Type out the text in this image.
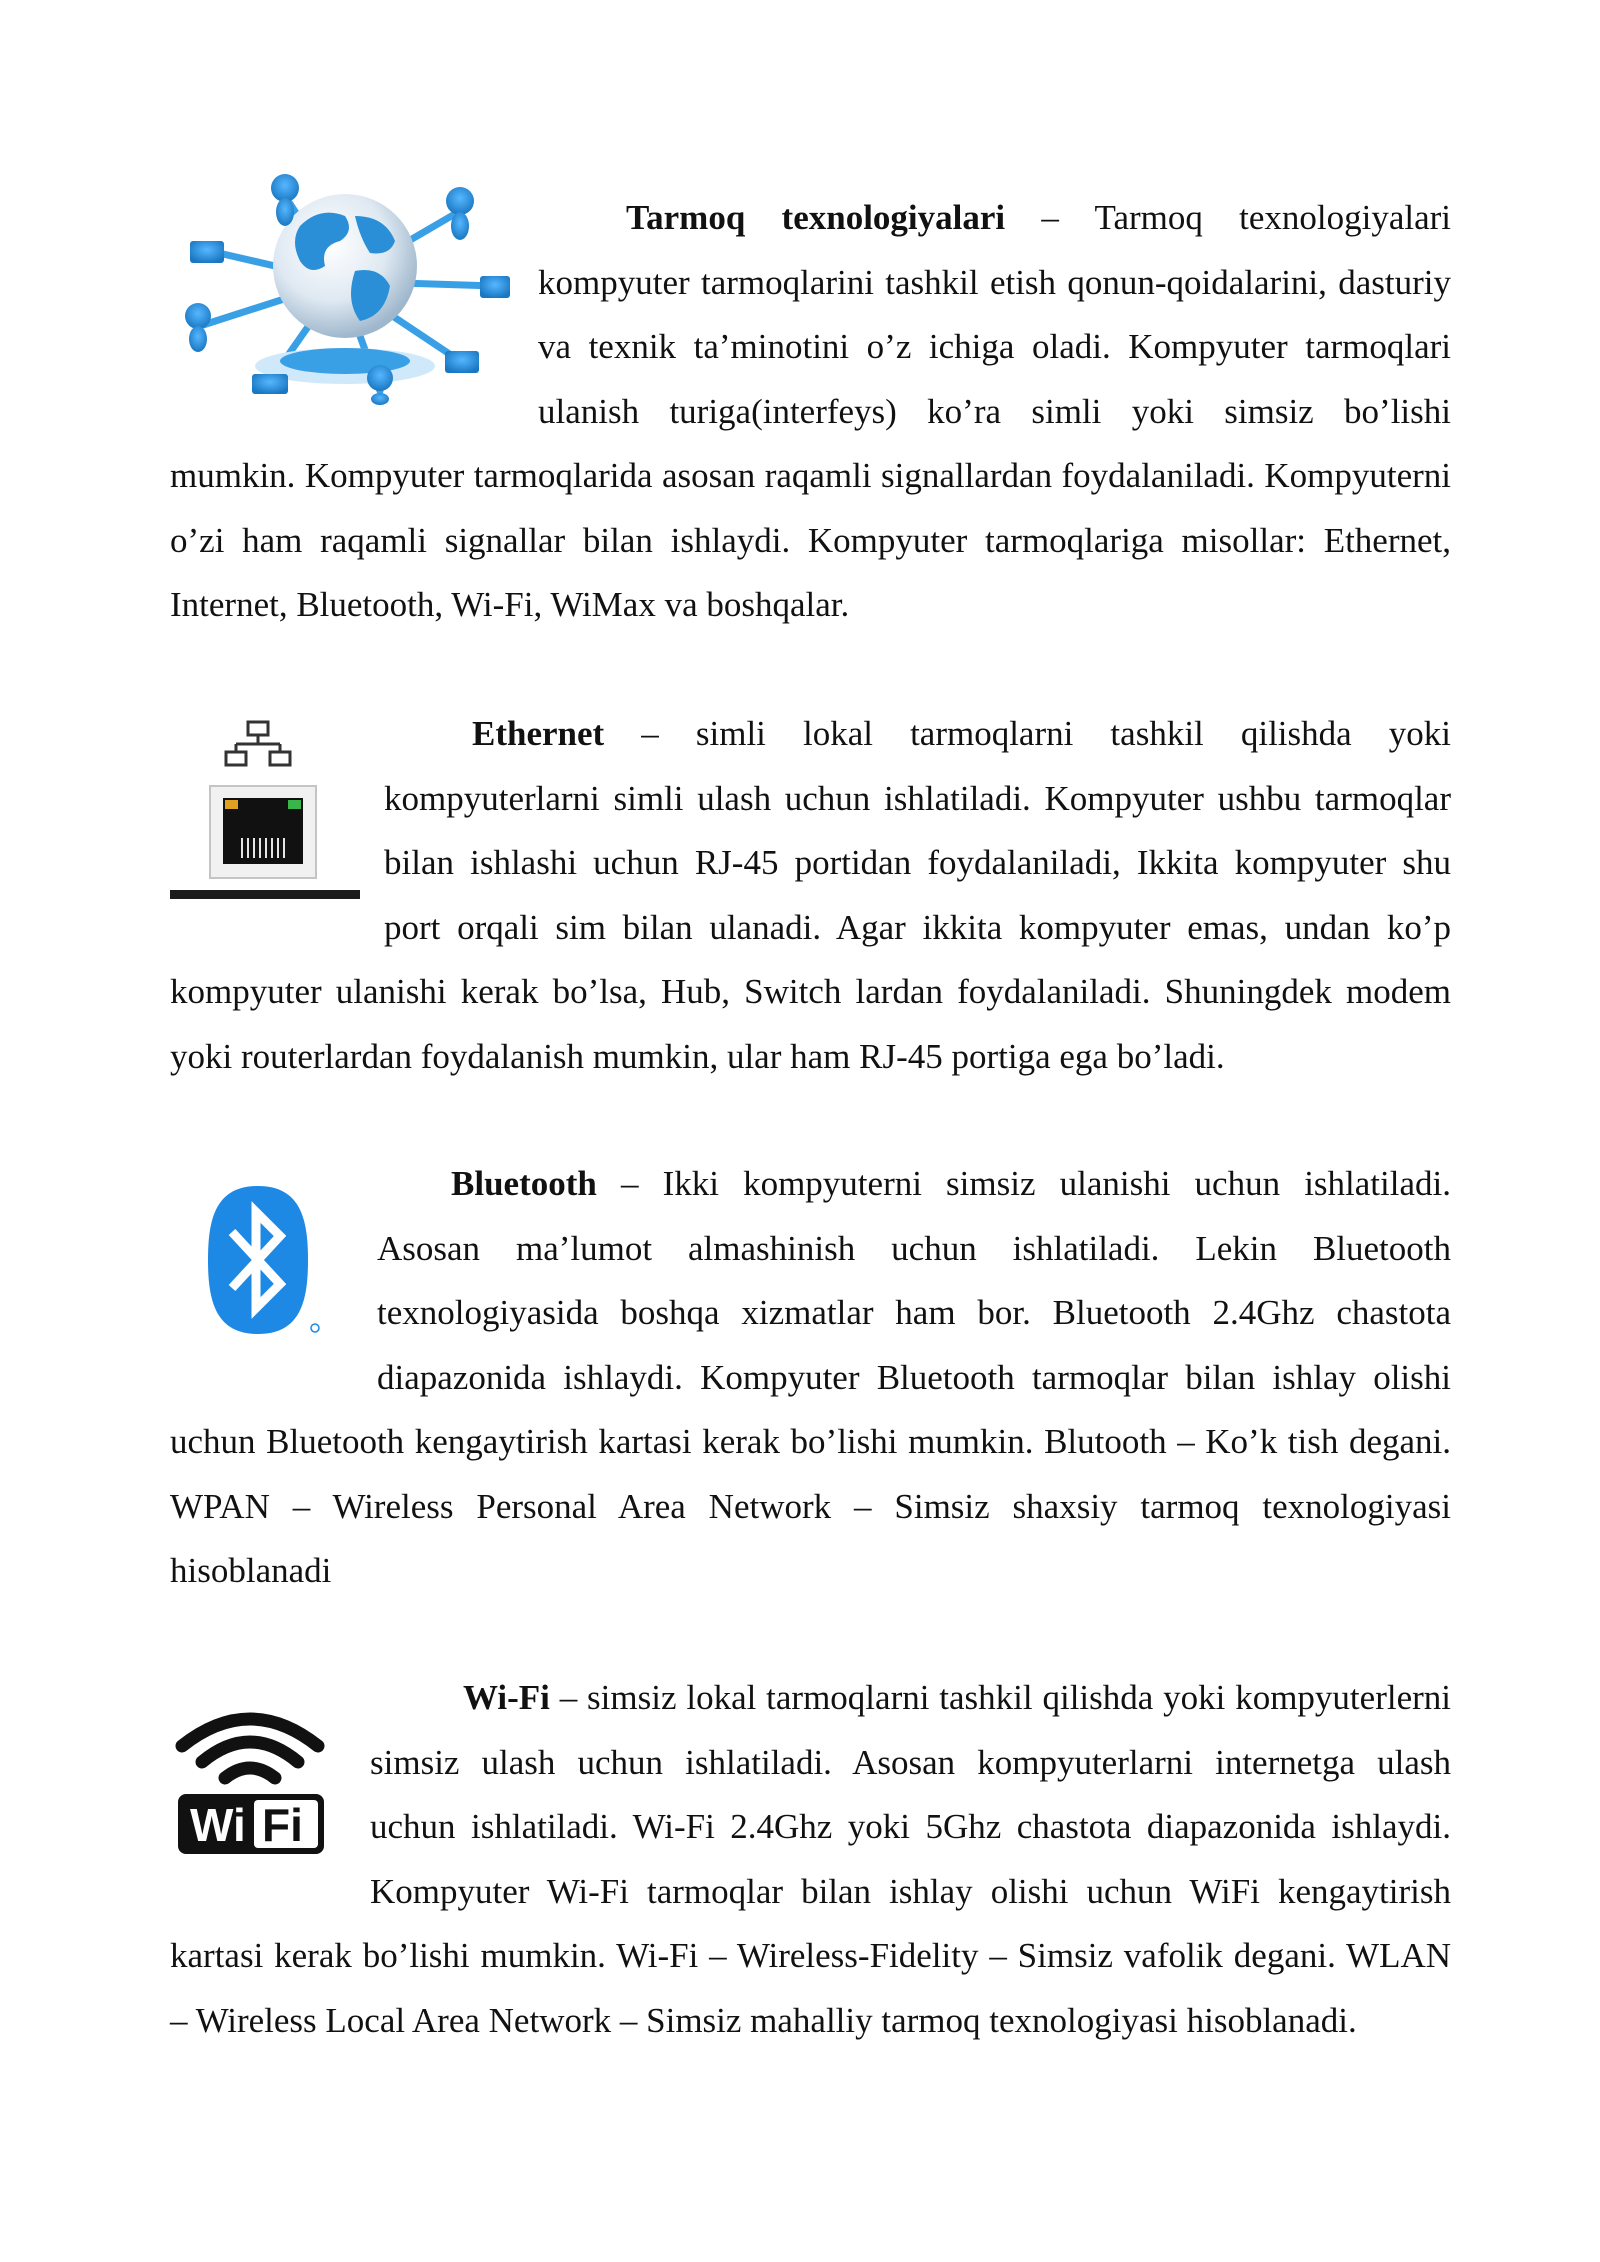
Tarmoq texnologiyalari – Tarmoq texnologiyalari kompyuter tarmoqlarini tashkil etish qonun-qoidalarini, dasturiy va texnik ta’minotini o’z ichiga oladi. Kompyuter tarmoqlari ulanish turiga(interfeys) ko’ra simli yoki simsiz bo’lishi mumkin. Kompyuter tarmoqlarida asosan raqamli signallardan foydalaniladi. Kompyuterni o’zi ham raqamli signallar bilan ishlaydi. Kompyuter tarmoqlariga misollar: Ethernet, Internet, Bluetooth, Wi-Fi, WiMax va boshqalar.

Ethernet – simli lokal tarmoqlarni tashkil qilishda yoki kompyuterlarni simli ulash uchun ishlatiladi. Kompyuter ushbu tarmoqlar bilan ishlashi uchun RJ-45 portidan foydalaniladi, Ikkita kompyuter shu port orqali sim bilan ulanadi. Agar ikkita kompyuter emas, undan ko’p kompyuter ulanishi kerak bo’lsa, Hub, Switch lardan foydalaniladi. Shuningdek modem yoki routerlardan foydalanish mumkin, ular ham RJ-45 portiga ega bo’ladi.

Bluetooth – Ikki kompyuterni simsiz ulanishi uchun ishlatiladi. Asosan ma’lumot almashinish uchun ishlatiladi. Lekin Bluetooth texnologiyasida boshqa xizmatlar ham bor. Bluetooth 2.4Ghz chastota diapazonida ishlaydi. Kompyuter Bluetooth tarmoqlar bilan ishlay olishi uchun Bluetooth kengaytirish kartasi kerak bo’lishi mumkin. Blutooth – Ko’k tish degani. WPAN – Wireless Personal Area Network – Simsiz shaxsiy tarmoq texnologiyasi hisoblanadi

Wi Fi

Wi-Fi – simsiz lokal tarmoqlarni tashkil qilishda yoki kompyuterlerni simsiz ulash uchun ishlatiladi. Asosan kompyuterlarni internetga ulash uchun ishlatiladi. Wi-Fi 2.4Ghz yoki 5Ghz chastota diapazonida ishlaydi. Kompyuter Wi-Fi tarmoqlar bilan ishlay olishi uchun WiFi kengaytirish kartasi kerak bo’lishi mumkin. Wi-Fi – Wireless-Fidelity – Simsiz vafolik degani. WLAN – Wireless Local Area Network – Simsiz mahalliy tarmoq texnologiyasi hisoblanadi.
